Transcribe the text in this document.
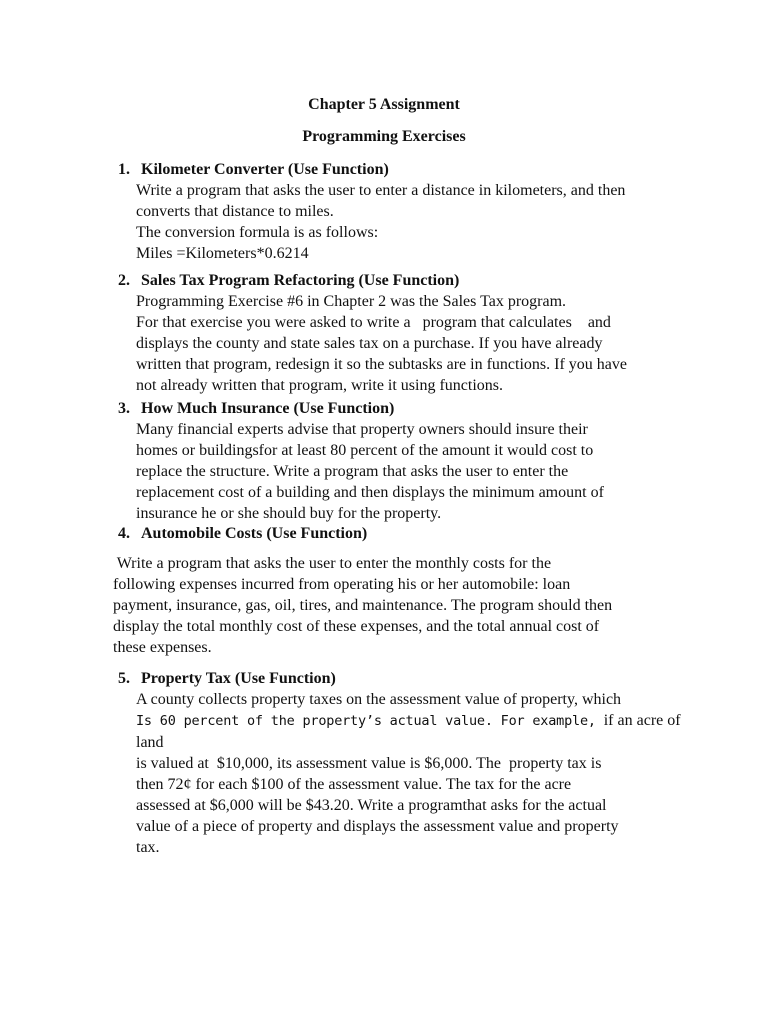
Chapter 5 Assignment
Programming Exercises
1. Kilometer Converter (Use Function)

Write a program that asks the user to enter a distance in kilometers, and then

converts that distance to miles.

The conversion formula is as follows:

Miles =Kilometers*0.6214

2. Sales Tax Program Refactoring (Use Function)

Programming Exercise #6 in Chapter 2 was the Sales Tax program.

For that exercise you were asked to write a   program that calculates    and

displays the county and state sales tax on a purchase. If you have already

written that program, redesign it so the subtasks are in functions. If you have

not already written that program, write it using functions.

3. How Much Insurance (Use Function)

Many financial experts advise that property owners should insure their

homes or buildingsfor at least 80 percent of the amount it would cost to

replace the structure. Write a program that asks the user to enter the

replacement cost of a building and then displays the minimum amount of

insurance he or she should buy for the property.

4. Automobile Costs (Use Function)

Write a program that asks the user to enter the monthly costs for the

following expenses incurred from operating his or her automobile: loan

payment, insurance, gas, oil, tires, and maintenance. The program should then

display the total monthly cost of these expenses, and the total annual cost of

these expenses.

5. Property Tax (Use Function)

A county collects property taxes on the assessment value of property, which

Is 60 percent of the property’s actual value. For example, if an acre of land

is valued at  $10,000, its assessment value is $6,000. The  property tax is

then 72¢ for each $100 of the assessment value. The tax for the acre

assessed at $6,000 will be $43.20. Write a programthat asks for the actual

value of a piece of property and displays the assessment value and property

tax.
